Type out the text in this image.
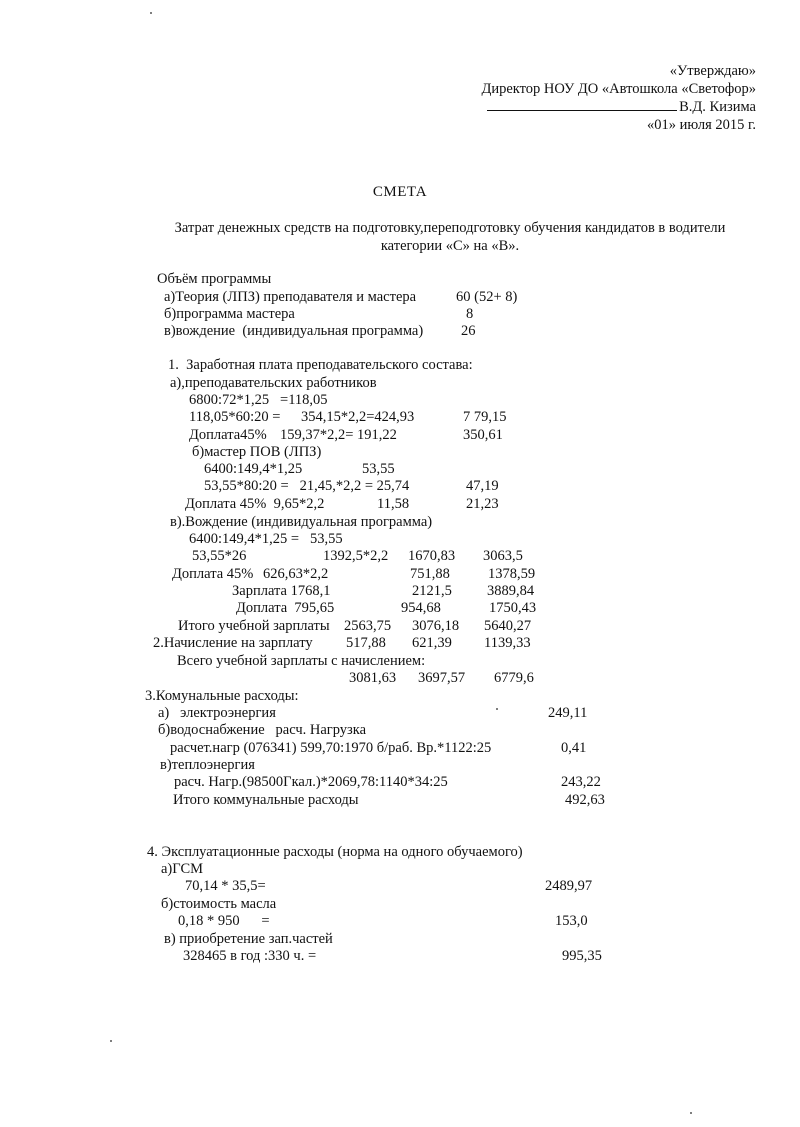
«Утверждаю»
Директор НОУ ДО «Автошкола «Светофор»
В.Д. Кизима
«01» июля 2015 г.
СМЕТА
Затрат денежных средств на подготовку,переподготовку обучения кандидатов в водители
категории «С» на «В».
Объём программы
а)Теория (ЛПЗ) преподавателя и мастера	60 (52+ 8)
б)программа мастера	8
в)вождение  (индивидуальная программа)	26
1.  Заработная плата преподавательского состава:
а),преподавательских работников
6800:72*1,25   =118,05
118,05*60:20 = 354,15*2,2=424,93	7 79,15
Доплата45% 159,37*2,2= 191,22	350,61
б)мастер ПОВ (ЛПЗ)
6400:149,4*1,25	53,55
53,55*80:20 =   21,45,*2,2 = 25,74	47,19
Доплата 45%  9,65*2,2	11,58	21,23
в).Вождение (индивидуальная программа)
6400:149,4*1,25 =   53,55
53,55*26	1392,5*2,2 1670,83 3063,5
Доплата 45% 626,63*2,2	751,88	1378,59
Зарплата 1768,1	2121,5 3889,84
Доплата  795,65	954,68	1750,43
Итого учебной зарплаты 2563,75 3076,18 5640,27
2.Начисление на зарплату 517,88 621,39 1139,33
Всего учебной зарплаты с начислением:
3081,63 3697,57 6779,6
3.Комунальные расходы:
а)   электроэнергия	249,11
б)водоснабжение   расч. Нагрузка
расчет.нагр (076341) 599,70:1970 б/раб. Вр.*1122:25	0,41
в)теплоэнергия
расч. Нагр.(98500Гкал.)*2069,78:1140*34:25	243,22
Итого коммунальные расходы	492,63
4. Эксплуатационные расходы (норма на одного обучаемого)
а)ГСМ
70,14 * 35,5=	2489,97
б)стоимость масла
0,18 * 950      =	153,0
в) приобретение зап.частей
328465 в год :330 ч. =	995,35
